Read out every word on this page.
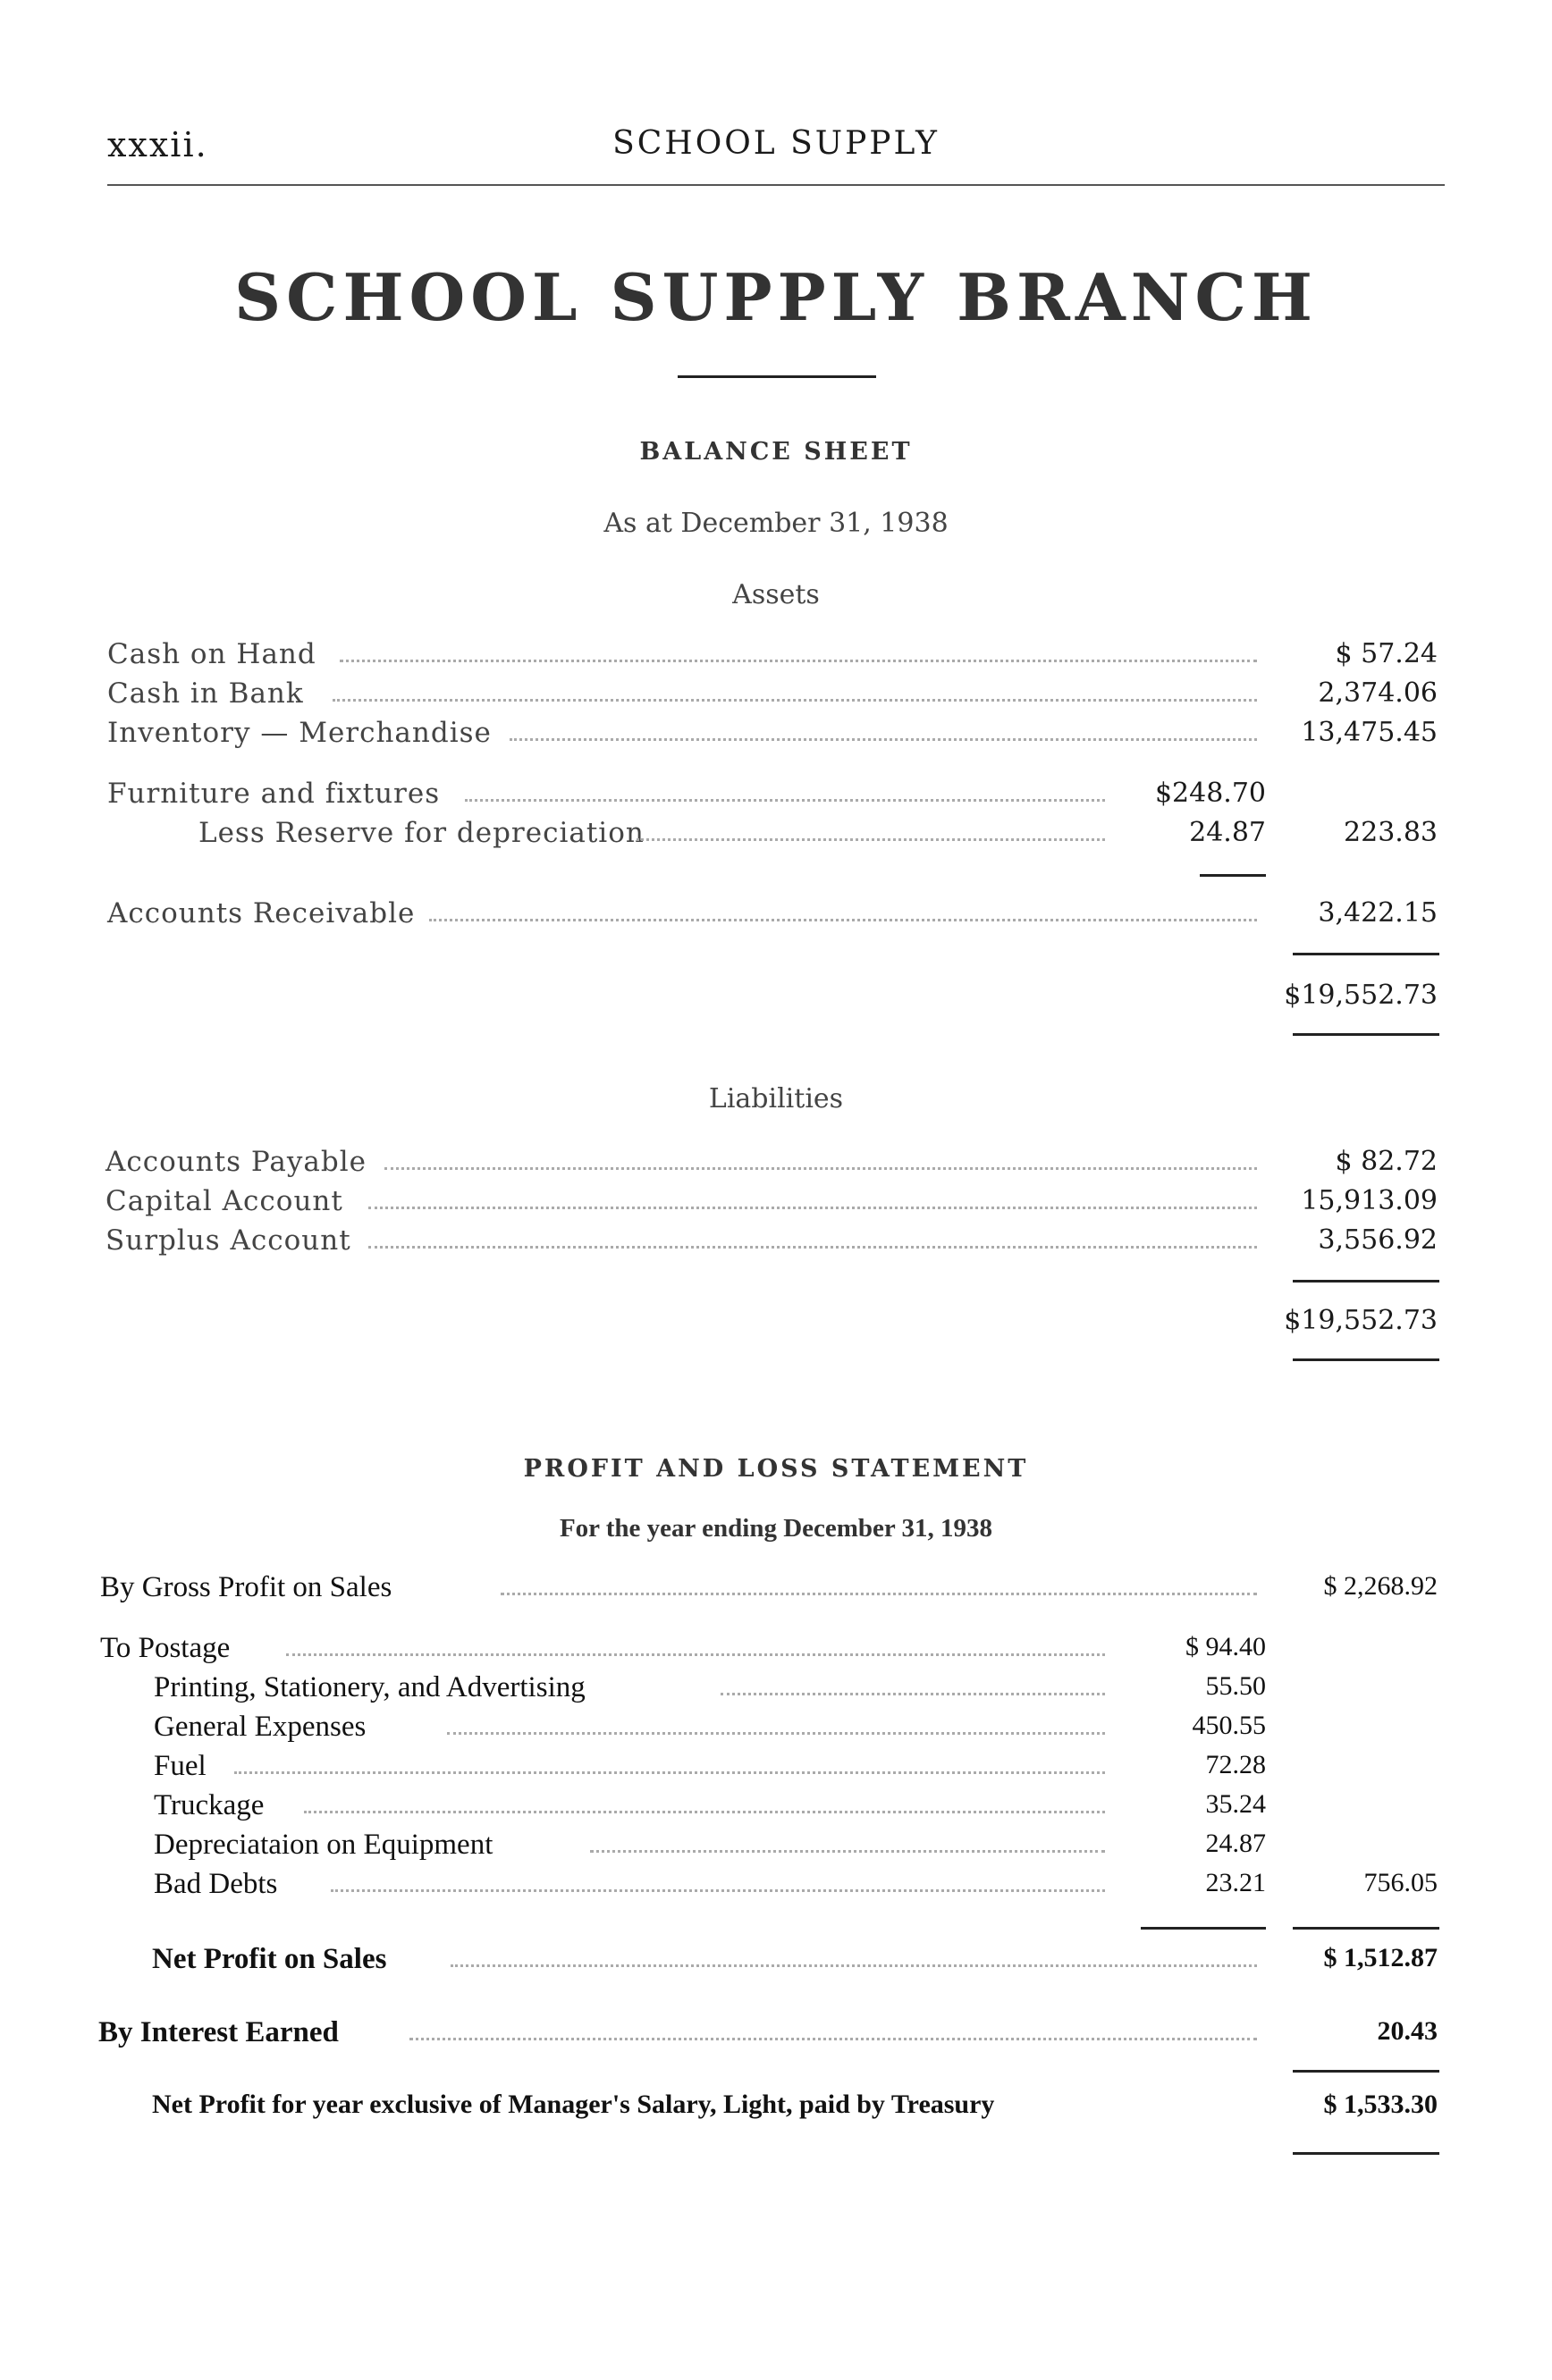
xxxii.	SCHOOL SUPPLY
SCHOOL SUPPLY BRANCH
BALANCE SHEET
As at December 31, 1938
Assets
Cash on Hand	$ 57.24
Cash in Bank	2,374.06
Inventory — Merchandise	13,475.45
Furniture and fixtures	$248.70
Less Reserve for depreciation	24.87	223.83
Accounts Receivable	3,422.15
$19,552.73
Liabilities
Accounts Payable	$ 82.72
Capital Account	15,913.09
Surplus Account	3,556.92
$19,552.73
PROFIT AND LOSS STATEMENT
For the year ending December 31, 1938
By Gross Profit on Sales	$ 2,268.92
To Postage	$ 94.40
Printing, Stationery, and Advertising	55.50
General Expenses	450.55
Fuel	72.28
Truckage	35.24
Depreciataion on Equipment	24.87
Bad Debts	23.21	756.05
Net Profit on Sales	$ 1,512.87
By Interest Earned	20.43
Net Profit for year exclusive of Manager's Salary, Light, paid by Treasury	$ 1,533.30
